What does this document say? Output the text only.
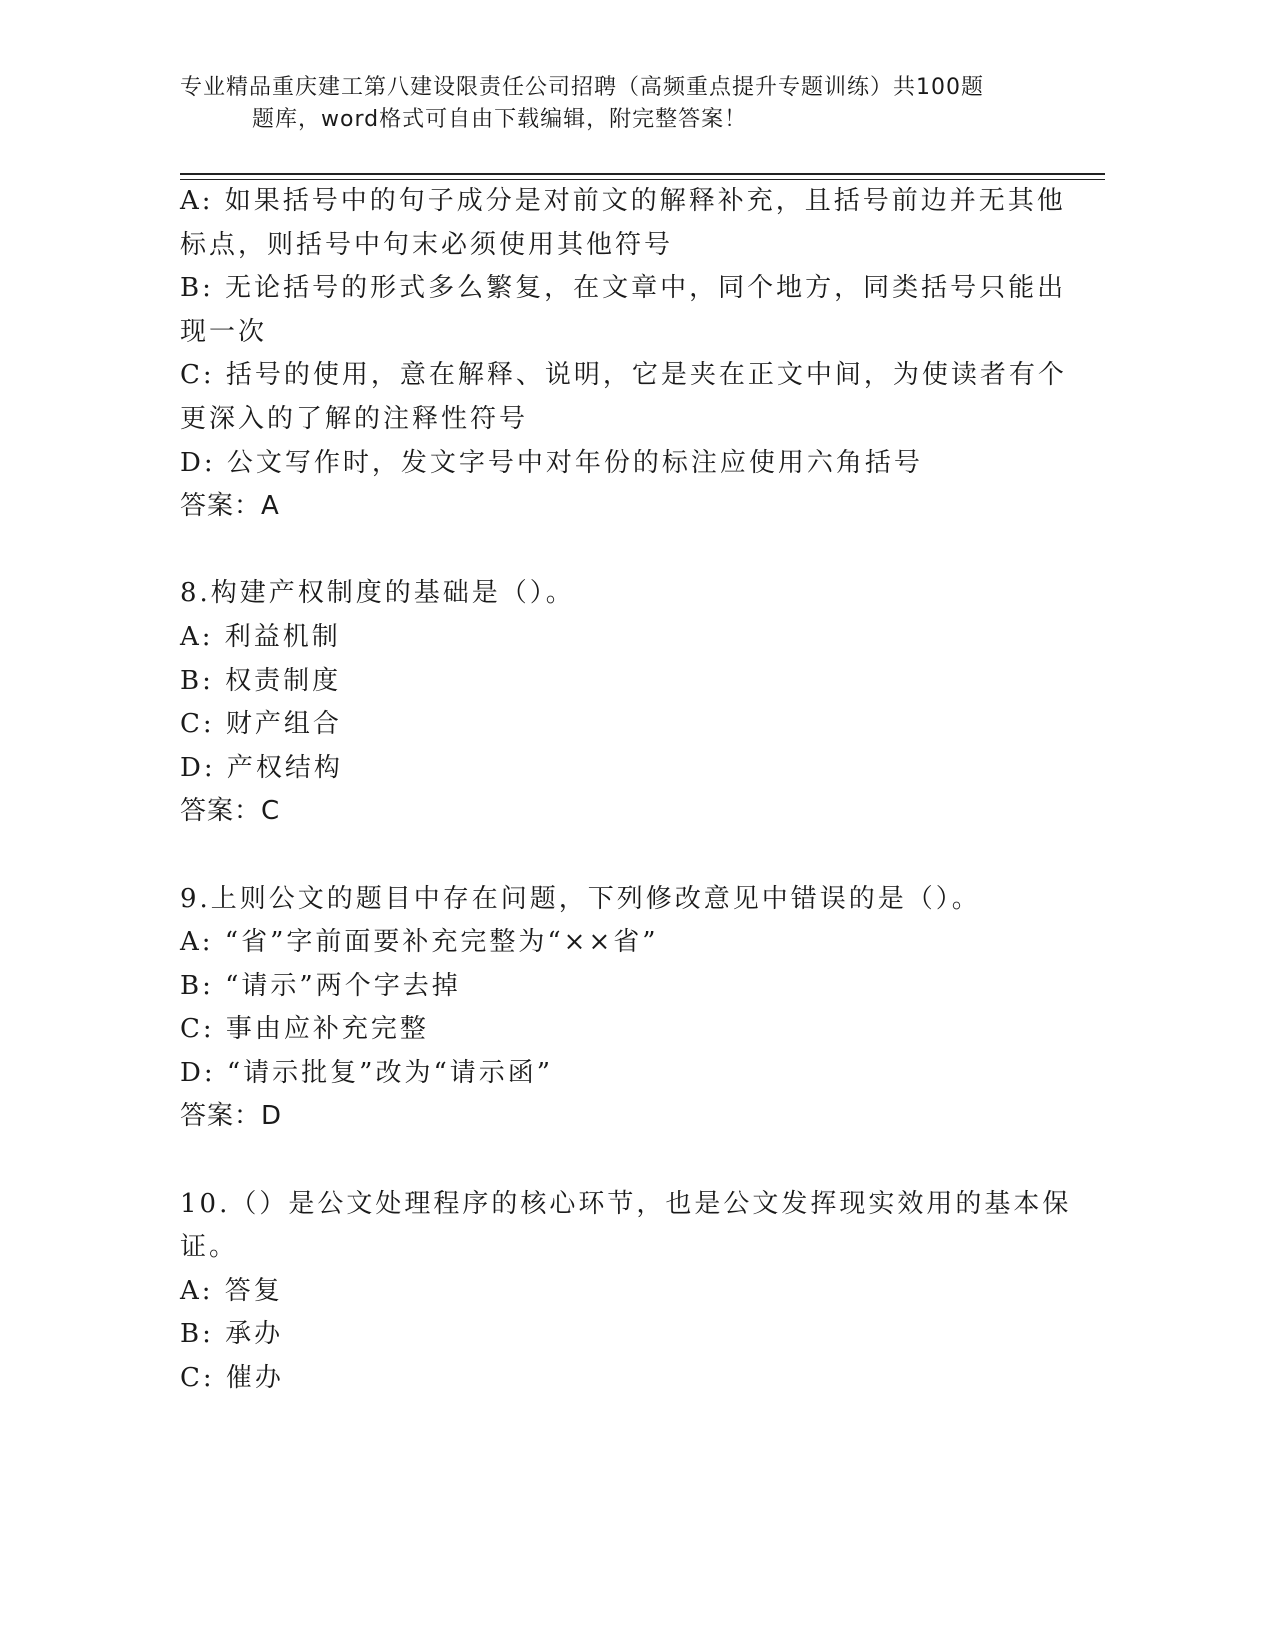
专业精品重庆建工第八建设限责任公司招聘（高频重点提升专题训练）共100题
题库，word格式可自由下载编辑，附完整答案！
A: 如果括号中的句子成分是对前文的解释补充，且括号前边并无其他
标点，则括号中句末必须使用其他符号
B: 无论括号的形式多么繁复，在文章中，同个地方，同类括号只能出
现一次
C: 括号的使用，意在解释、说明，它是夹在正文中间，为使读者有个
更深入的了解的注释性符号
D: 公文写作时，发文字号中对年份的标注应使用六角括号
答案：A
8.构建产权制度的基础是（）。
A: 利益机制
B: 权责制度
C: 财产组合
D: 产权结构
答案：C
9.上则公文的题目中存在问题，下列修改意见中错误的是（）。
A: “省”字前面要补充完整为“××省”
B: “请示”两个字去掉
C: 事由应补充完整
D: “请示批复”改为“请示函”
答案：D
10.（）是公文处理程序的核心环节，也是公文发挥现实效用的基本保
证。
A: 答复
B: 承办
C: 催办
